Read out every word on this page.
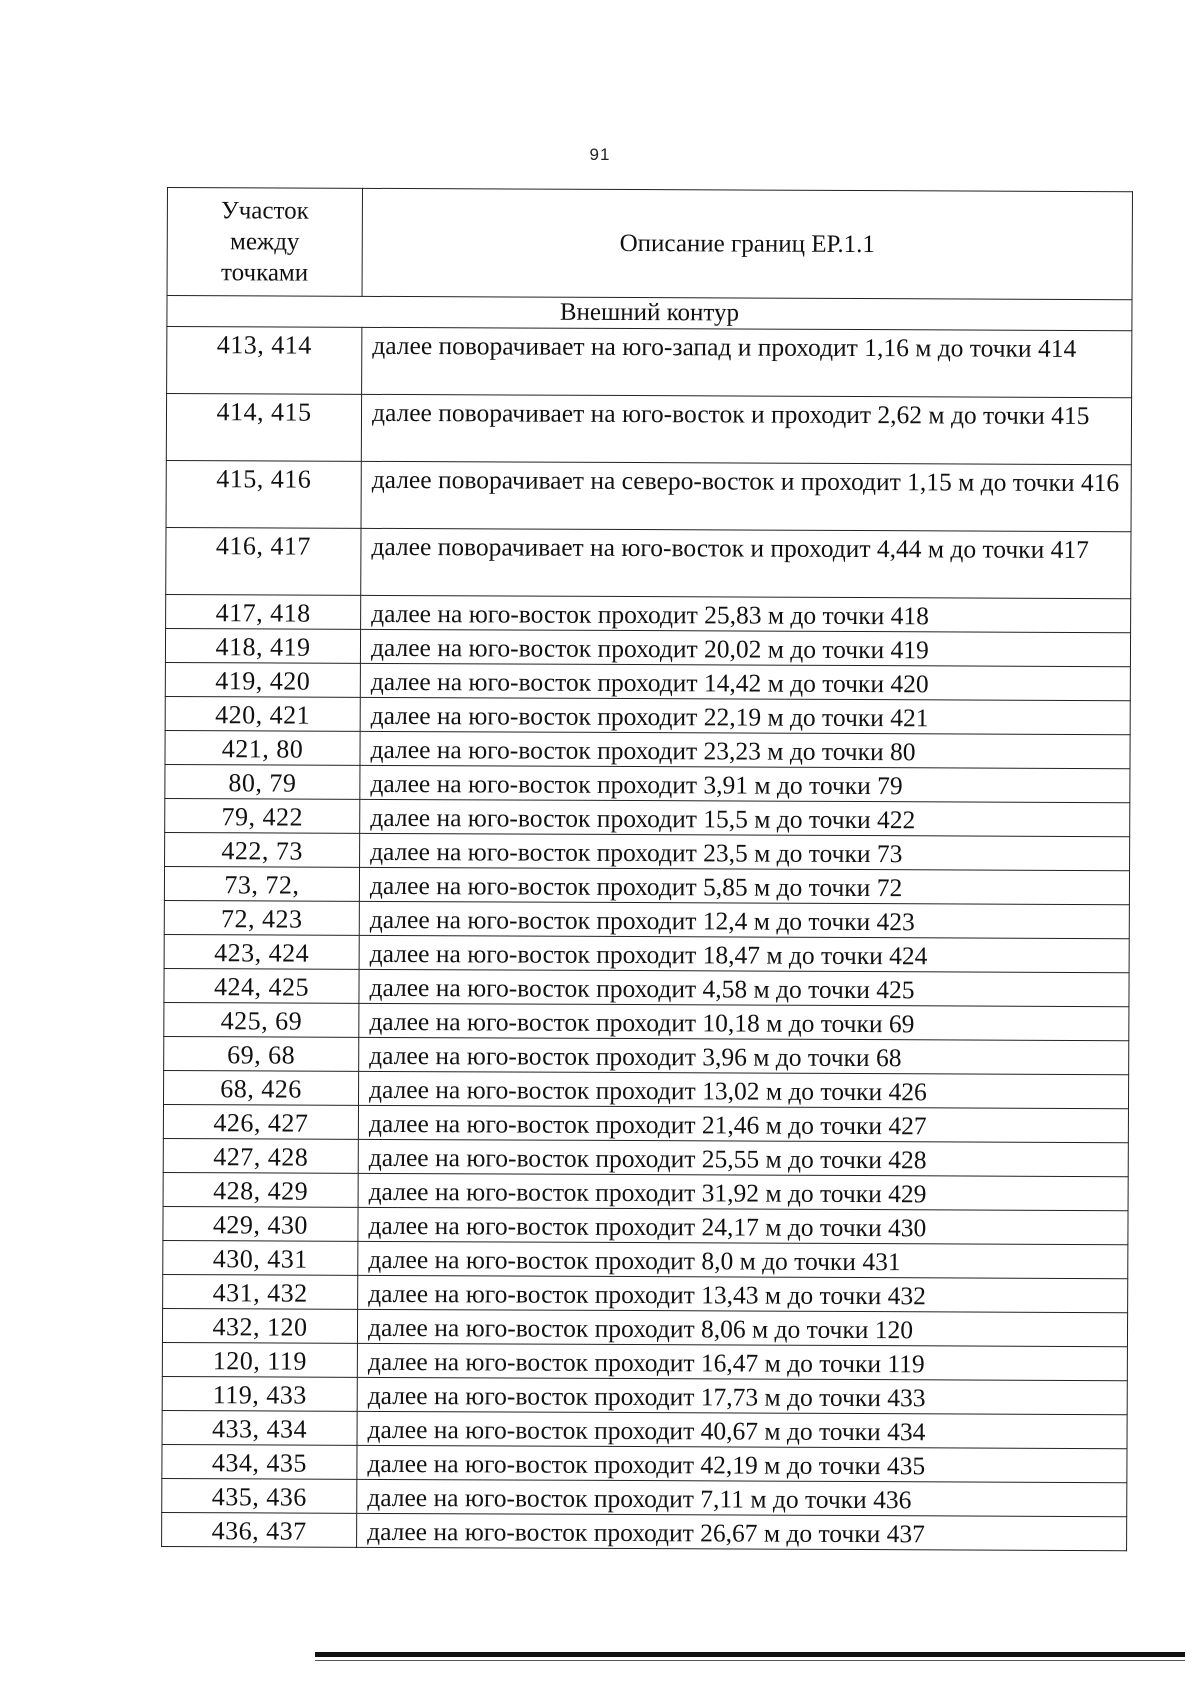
91
Участок
между
точками	Описание границ ЕР.1.1
Внешний контур	
413, 414	далее поворачивает на юго-запад и проходит 1,16 м до точки 414
414, 415	далее поворачивает на юго-восток и проходит 2,62 м до точки 415
415, 416	далее поворачивает на северо-восток и проходит 1,15 м до точки 416
416, 417	далее поворачивает на юго-восток и проходит 4,44 м до точки 417
417, 418	далее на юго-восток проходит 25,83 м до точки 418
418, 419	далее на юго-восток проходит 20,02 м до точки 419
419, 420	далее на юго-восток проходит 14,42 м до точки 420
420, 421	далее на юго-восток проходит 22,19 м до точки 421
421, 80	далее на юго-восток проходит 23,23 м до точки 80
80, 79	далее на юго-восток проходит 3,91 м до точки 79
79, 422	далее на юго-восток проходит 15,5 м до точки 422
422, 73	далее на юго-восток проходит 23,5 м до точки 73
73, 72,	далее на юго-восток проходит 5,85 м до точки 72
72, 423	далее на юго-восток проходит 12,4 м до точки 423
423, 424	далее на юго-восток проходит 18,47 м до точки 424
424, 425	далее на юго-восток проходит 4,58 м до точки 425
425, 69	далее на юго-восток проходит 10,18 м до точки 69
69, 68	далее на юго-восток проходит 3,96 м до точки 68
68, 426	далее на юго-восток проходит 13,02 м до точки 426
426, 427	далее на юго-восток проходит 21,46 м до точки 427
427, 428	далее на юго-восток проходит 25,55 м до точки 428
428, 429	далее на юго-восток проходит 31,92 м до точки 429
429, 430	далее на юго-восток проходит 24,17 м до точки 430
430, 431	далее на юго-восток проходит 8,0 м до точки 431
431, 432	далее на юго-восток проходит 13,43 м до точки 432
432, 120	далее на юго-восток проходит 8,06 м до точки 120
120, 119	далее на юго-восток проходит 16,47 м до точки 119
119, 433	далее на юго-восток проходит 17,73 м до точки 433
433, 434	далее на юго-восток проходит 40,67 м до точки 434
434, 435	далее на юго-восток проходит 42,19 м до точки 435
435, 436	далее на юго-восток проходит 7,11 м до точки 436
436, 437	далее на юго-восток проходит 26,67 м до точки 437
